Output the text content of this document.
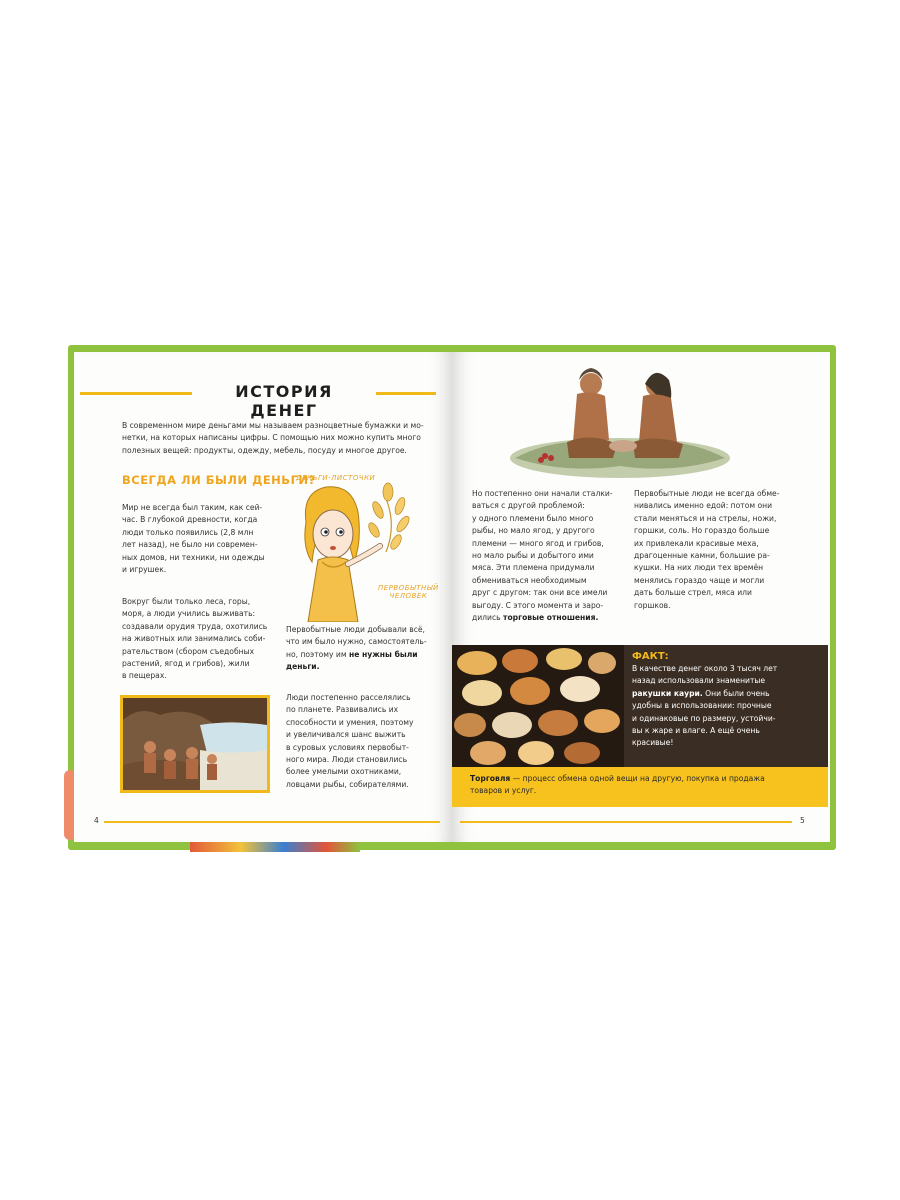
ИСТОРИЯ ДЕНЕГ
В современном мире деньгами мы называем разноцветные бумажки и мо-
нетки, на которых написаны цифры. С помощью них можно купить много
полезных вещей: продукты, одежду, мебель, посуду и многое другое.
ВСЕГДА ЛИ БЫЛИ ДЕНЬГИ?
ДЕНЬГИ-ЛИСТОЧКИ
ПЕРВОБЫТНЫЙ
ЧЕЛОВЕК
Мир не всегда был таким, как сей-
час. В глубокой древности, когда
люди только появились (2,8 млн
лет назад), не было ни современ-
ных домов, ни техники, ни одежды
и игрушек.
Вокруг были только леса, горы,
моря, а люди учились выживать:
создавали орудия труда, охотились
на животных или занимались соби-
рательством (сбором съедобных
растений, ягод и грибов), жили
в пещерах.
Первобытные люди добывали всё,
что им было нужно, самостоятель-
но, поэтому им не нужны были
деньги.
Люди постепенно расселялись
по планете. Развивались их
способности и умения, поэтому
и увеличивался шанс выжить
в суровых условиях первобыт-
ного мира. Люди становились
более умелыми охотниками,
ловцами рыбы, собирателями.
4
Но постепенно они начали сталки-
ваться с другой проблемой:
у одного племени было много
рыбы, но мало ягод, у другого
племени — много ягод и грибов,
но мало рыбы и добытого ими
мяса. Эти племена придумали
обмениваться необходимым
друг с другом: так они все имели
выгоду. С этого момента и заро-
дились торговые отношения.
Первобытные люди не всегда обме-
нивались именно едой: потом они
стали меняться и на стрелы, ножи,
горшки, соль. Но гораздо больше
их привлекали красивые меха,
драгоценные камни, большие ра-
кушки. На них люди тех времён
менялись гораздо чаще и могли
дать больше стрел, мяса или
горшков.
ФАКТ:
В качестве денег около 3 тысяч лет
назад использовали знаменитые
ракушки каури. Они были очень
удобны в использовании: прочные
и одинаковые по размеру, устойчи-
вы к жаре и влаге. А ещё очень
красивые!
Торговля — процесс обмена одной вещи на другую, покупка и продажа
товаров и услуг.
5
